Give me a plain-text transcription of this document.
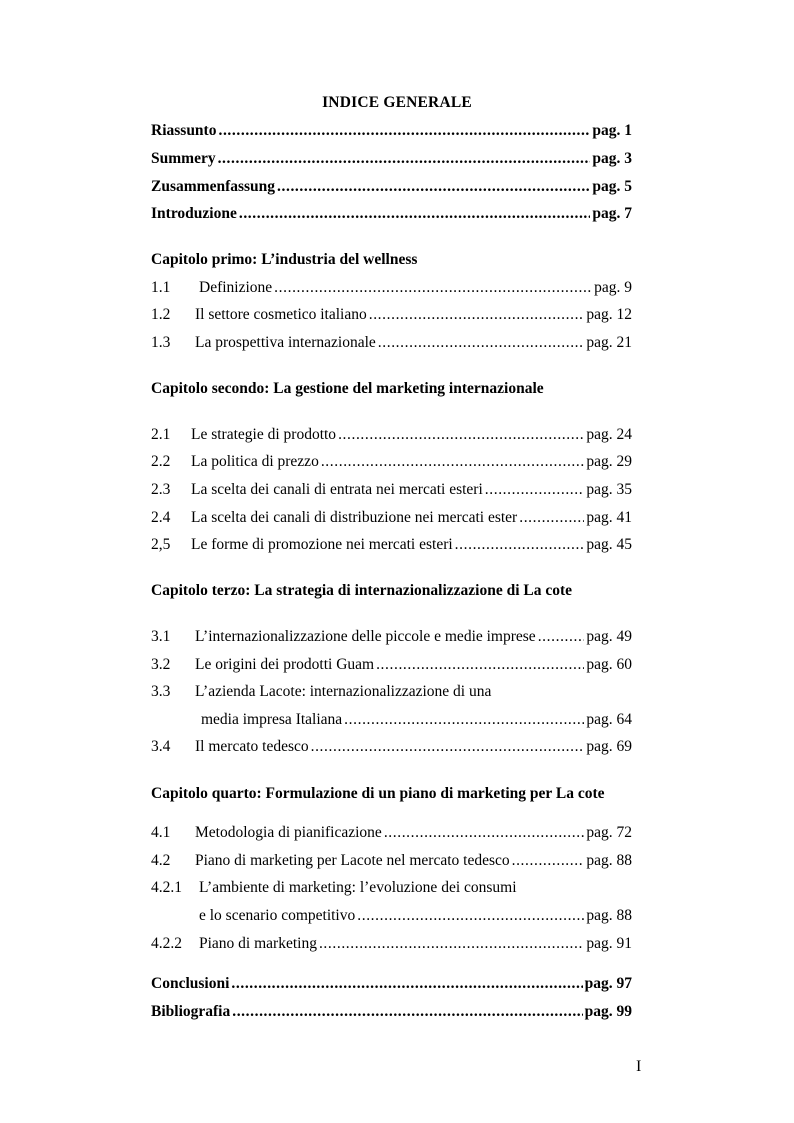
INDICE GENERALE
Riassunto .....	pag. 1
Summery .....	pag. 3
Zusammenfassung .....	pag. 5
Introduzione .....	pag. 7
Capitolo primo: L’industria del wellness
1.1	Definizione .....	pag. 9
1.2	Il settore cosmetico italiano .....	pag. 12
1.3	La prospettiva internazionale .....	pag. 21
Capitolo secondo: La gestione del marketing internazionale
2.1	Le strategie di prodotto .....	pag. 24
2.2	La politica di prezzo .....	pag. 29
2.3	La scelta dei canali di entrata nei mercati esteri .....	pag. 35
2.4	La scelta dei canali di distribuzione nei mercati ester .....	pag. 41
2,5	Le forme di promozione nei mercati esteri .....	pag. 45
Capitolo terzo: La strategia di internazionalizzazione di La cote
3.1	L’internazionalizzazione delle piccole e medie imprese .....	pag. 49
3.2	Le origini dei prodotti Guam .....	pag. 60
3.3 L’azienda Lacote: internazionalizzazione di una
media impresa Italiana .....	pag. 64
3.4	Il mercato tedesco .....	pag. 69
Capitolo quarto: Formulazione di un piano di marketing per La cote
4.1	Metodologia di pianificazione .....	pag. 72
4.2	Piano di marketing per Lacote nel mercato tedesco .....	pag. 88
4.2.1 L’ambiente di marketing: l’evoluzione dei consumi
e lo scenario competitivo .....	pag. 88
4.2.2	Piano di marketing .....	pag. 91
Conclusioni .....	pag. 97
Bibliografia .....	pag. 99
I
